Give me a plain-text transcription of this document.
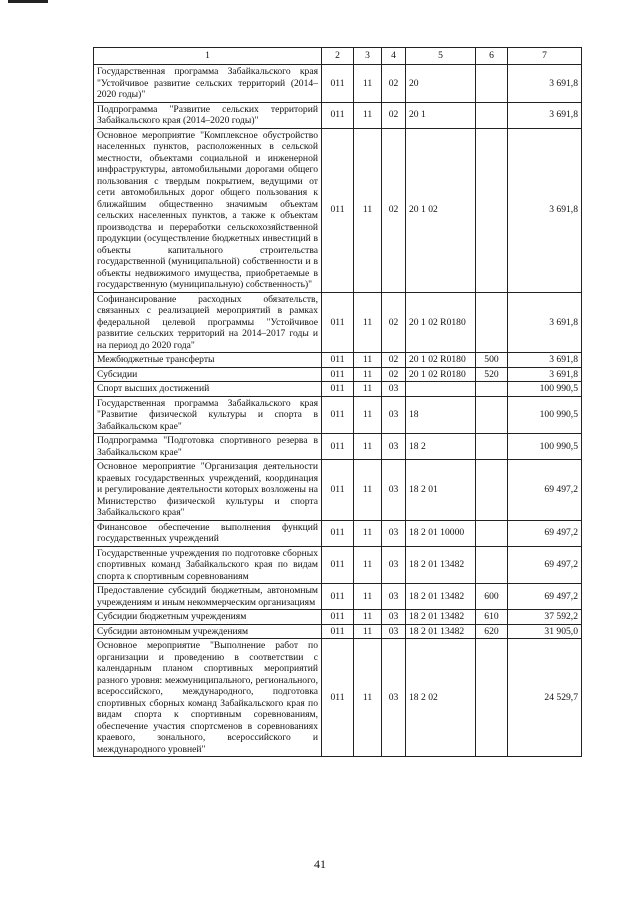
1	2	3	4	5	6	7
Государственная программа Забайкальского края "Устойчивое развитие сельских территорий (2014–2020 годы)"	011	11	02	20		3 691,8
Подпрограмма "Развитие сельских территорий Забайкальского края (2014–2020 годы)"	011	11	02	20 1		3 691,8
Основное мероприятие "Комплексное обустройство населенных пунктов, расположенных в сельской местности, объектами социальной и инженерной инфраструктуры, автомобильными дорогами общего пользования с твердым покрытием, ведущими от сети автомобильных дорог общего пользования к ближайшим общественно значимым объектам сельских населенных пунктов, а также к объектам производства и переработки сельскохозяйственной продукции (осуществление бюджетных инвестиций в объекты капитального строительства государственной (муниципальной) собственности и в объекты недвижимого имущества, приобретаемые в государственную (муниципальную) собственность)"	011	11	02	20 1 02		3 691,8
Софинансирование расходных обязательств, связанных с реализацией мероприятий в рамках федеральной целевой программы "Устойчивое развитие сельских территорий на 2014–2017 годы и на период до 2020 года"	011	11	02	20 1 02 R0180		3 691,8
Межбюджетные трансферты	011	11	02	20 1 02 R0180	500	3 691,8
Субсидии	011	11	02	20 1 02 R0180	520	3 691,8
Спорт высших достижений	011	11	03			100 990,5
Государственная программа Забайкальского края "Развитие физической культуры и спорта в Забайкальском крае"	011	11	03	18		100 990,5
Подпрограмма "Подготовка спортивного резерва в Забайкальском крае"	011	11	03	18 2		100 990,5
Основное мероприятие "Организация деятельности краевых государственных учреждений, координация и регулирование деятельности которых возложены на Министерство физической культуры и спорта Забайкальского края"	011	11	03	18 2 01		69 497,2
Финансовое обеспечение выполнения функций государственных учреждений	011	11	03	18 2 01 10000		69 497,2
Государственные учреждения по подготовке сборных спортивных команд Забайкальского края по видам спорта к спортивным соревнованиям	011	11	03	18 2 01 13482		69 497,2
Предоставление субсидий бюджетным, автономным учреждениям и иным некоммерческим организациям	011	11	03	18 2 01 13482	600	69 497,2
Субсидии бюджетным учреждениям	011	11	03	18 2 01 13482	610	37 592,2
Субсидии автономным учреждениям	011	11	03	18 2 01 13482	620	31 905,0
Основное мероприятие "Выполнение работ по организации и проведению в соответствии с календарным планом спортивных мероприятий разного уровня: межмуниципального, регионального, всероссийского, международного, подготовка спортивных сборных команд Забайкальского края по видам спорта к спортивным соревнованиям, обеспечение участия спортсменов в соревнованиях краевого, зонального, всероссийского и международного уровней"	011	11	03	18 2 02		24 529,7
41
